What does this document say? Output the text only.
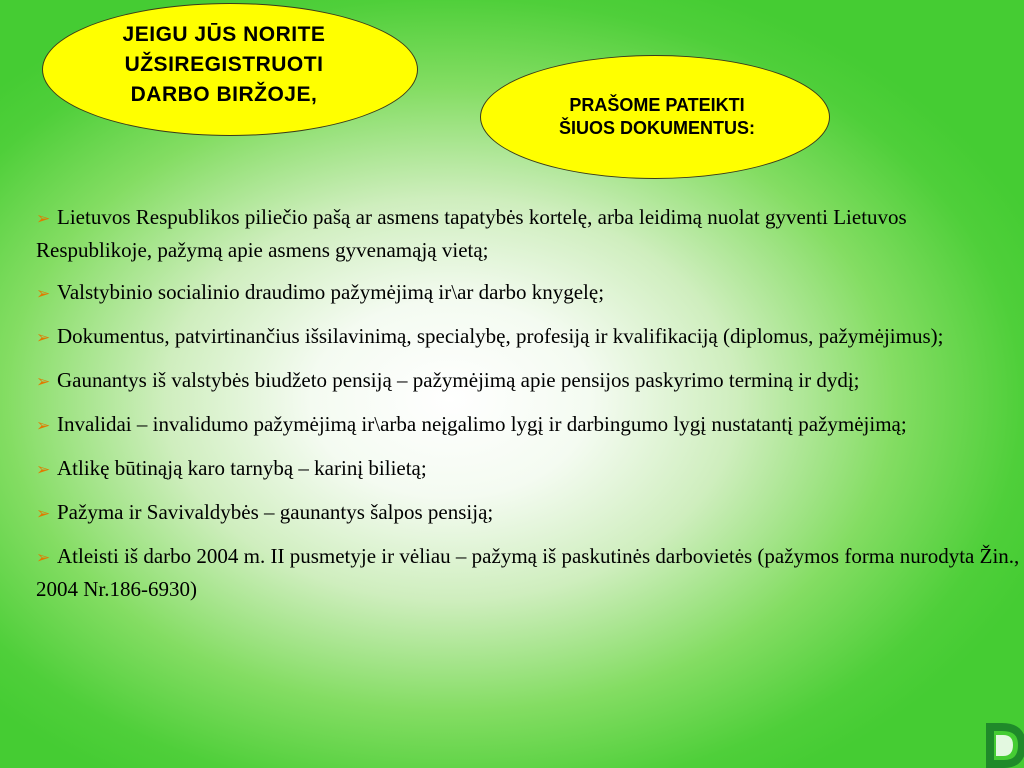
JEIGU JŪS NORITE
UŽSIREGISTRUOTI
DARBO BIRŽOJE,	PRAŠOME PATEIKTI
ŠIUOS DOKUMENTUS:
➢ Lietuvos Respublikos piliečio pašą ar asmens tapatybės kortelę, arba leidimą nuolat gyventi Lietuvos Respublikoje, pažymą apie asmens gyvenamąją vietą;
➢ Valstybinio socialinio draudimo pažymėjimą ir\ar darbo knygelę;
➢ Dokumentus, patvirtinančius išsilavinimą, specialybę, profesiją ir kvalifikaciją (diplomus, pažymėjimus);
➢ Gaunantys iš valstybės biudžeto pensiją – pažymėjimą apie pensijos paskyrimo terminą ir dydį;
➢ Invalidai – invalidumo pažymėjimą ir\arba neįgalimo lygį ir darbingumo lygį nustatantį pažymėjimą;
➢ Atlikę būtinąją karo tarnybą – karinį bilietą;
➢ Pažyma ir Savivaldybės – gaunantys šalpos pensiją;
➢ Atleisti iš darbo 2004 m. II pusmetyje ir vėliau – pažymą iš paskutinės darbovietės (pažymos forma nurodyta Žin., 2004 Nr.186-6930)
